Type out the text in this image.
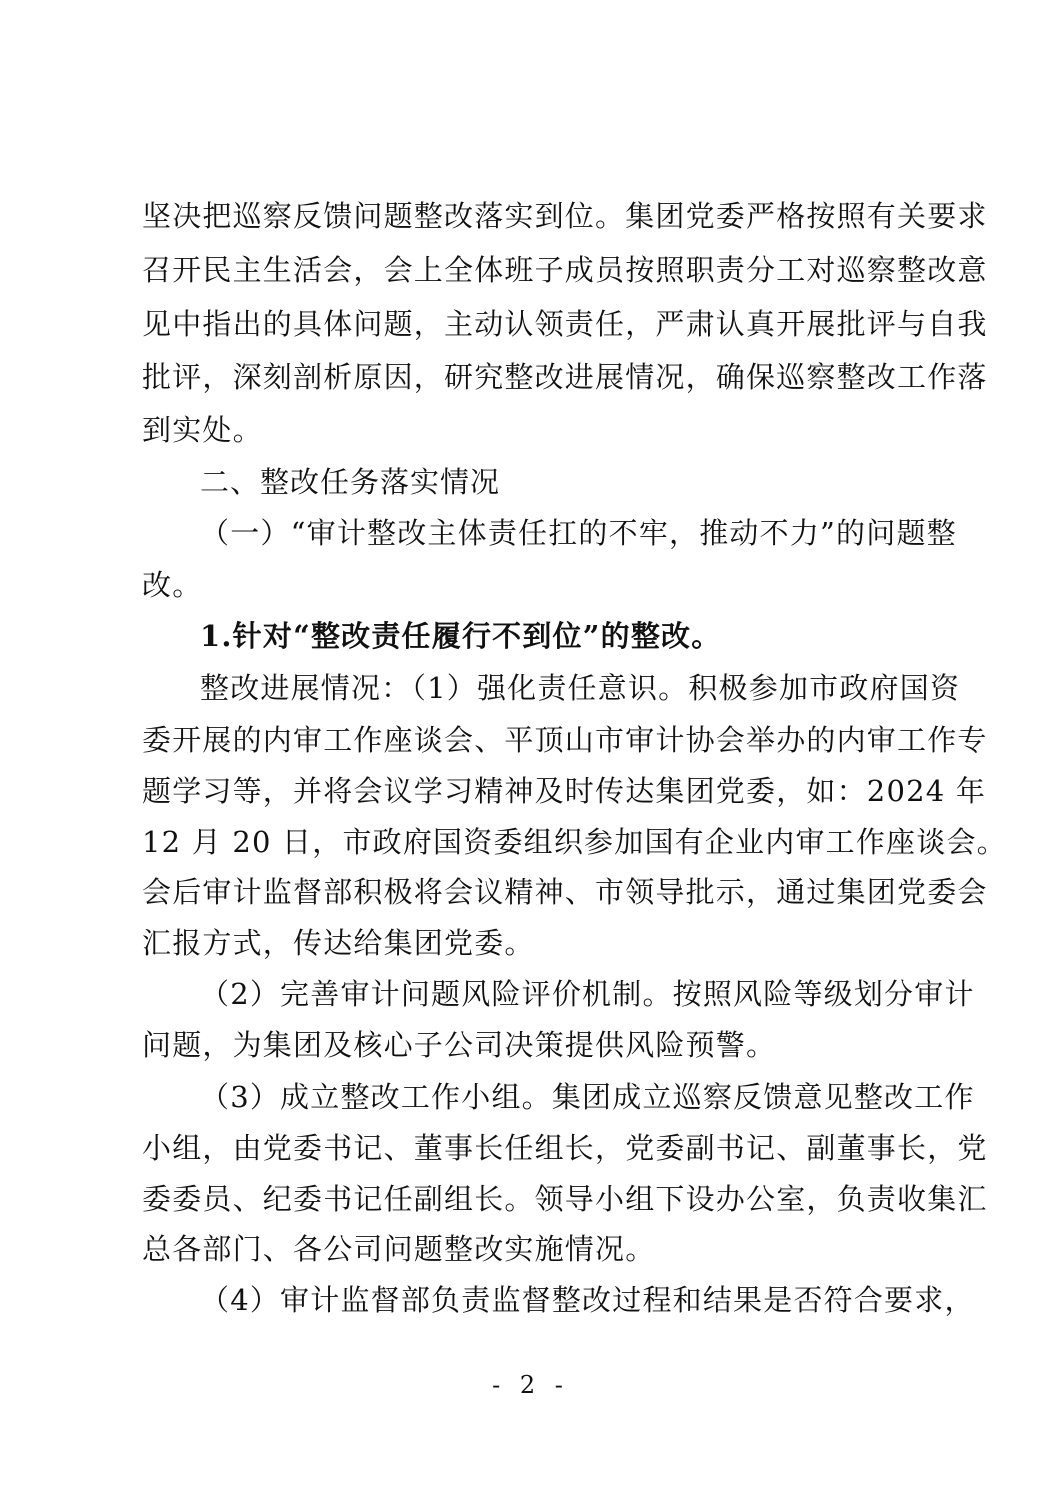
坚决把巡察反馈问题整改落实到位。集团党委严格按照有关要求
召开民主生活会，会上全体班子成员按照职责分工对巡察整改意
见中指出的具体问题，主动认领责任，严肃认真开展批评与自我
批评，深刻剖析原因，研究整改进展情况，确保巡察整改工作落
到实处。
二、整改任务落实情况
（一）“审计整改主体责任扛的不牢，推动不力”的问题整
改。
1.针对“整改责任履行不到位”的整改。
整改进展情况：（1）强化责任意识。积极参加市政府国资
委开展的内审工作座谈会、平顶山市审计协会举办的内审工作专
题学习等，并将会议学习精神及时传达集团党委，如：2024 年
12 月 20 日，市政府国资委组织参加国有企业内审工作座谈会。
会后审计监督部积极将会议精神、市领导批示，通过集团党委会
汇报方式，传达给集团党委。
（2）完善审计问题风险评价机制。按照风险等级划分审计
问题，为集团及核心子公司决策提供风险预警。
（3）成立整改工作小组。集团成立巡察反馈意见整改工作
小组，由党委书记、董事长任组长，党委副书记、副董事长，党
委委员、纪委书记任副组长。领导小组下设办公室，负责收集汇
总各部门、各公司问题整改实施情况。
（4）审计监督部负责监督整改过程和结果是否符合要求，
- 2 -
